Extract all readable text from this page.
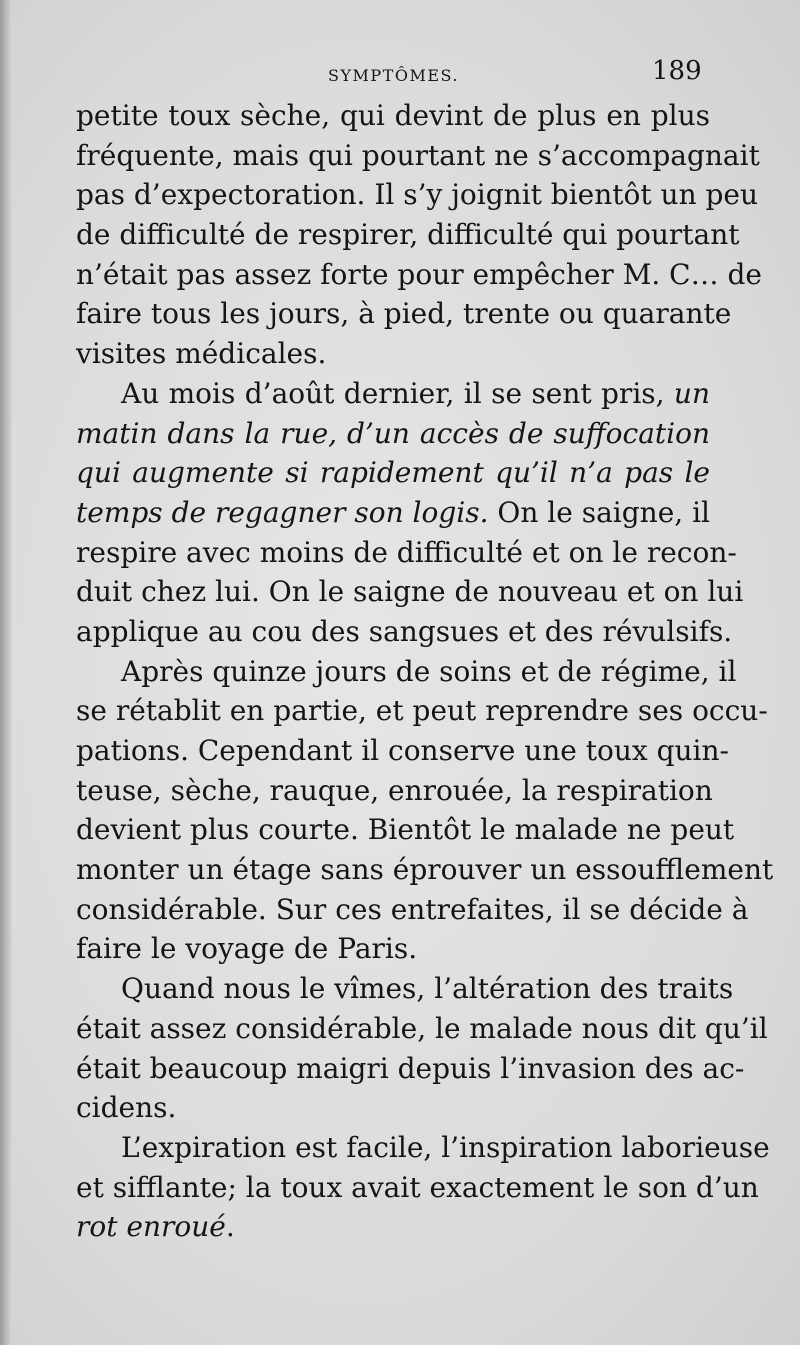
SYMPTÔMES.	189
petite toux sèche, qui devint de plus en plus
fréquente, mais qui pourtant ne s’accompagnait
pas d’expectoration. Il s’y joignit bientôt un peu
de difficulté de respirer, difficulté qui pourtant
n’était pas assez forte pour empêcher M. C… de
faire tous les jours, à pied, trente ou quarante
visites médicales.
Au mois d’août dernier, il se sent pris, un
matin dans la rue, d’un accès de suffocation
qui augmente si rapidement qu’il n’a pas le
temps de regagner son logis. On le saigne, il
respire avec moins de difficulté et on le recon-
duit chez lui. On le saigne de nouveau et on lui
applique au cou des sangsues et des révulsifs.
Après quinze jours de soins et de régime, il
se rétablit en partie, et peut reprendre ses occu-
pations. Cependant il conserve une toux quin-
teuse, sèche, rauque, enrouée, la respiration
devient plus courte. Bientôt le malade ne peut
monter un étage sans éprouver un essoufflement
considérable. Sur ces entrefaites, il se décide à
faire le voyage de Paris.
Quand nous le vîmes, l’altération des traits
était assez considérable, le malade nous dit qu’il
était beaucoup maigri depuis l’invasion des ac-
cidens.
L’expiration est facile, l’inspiration laborieuse
et sifflante; la toux avait exactement le son d’un
rot enroué.
